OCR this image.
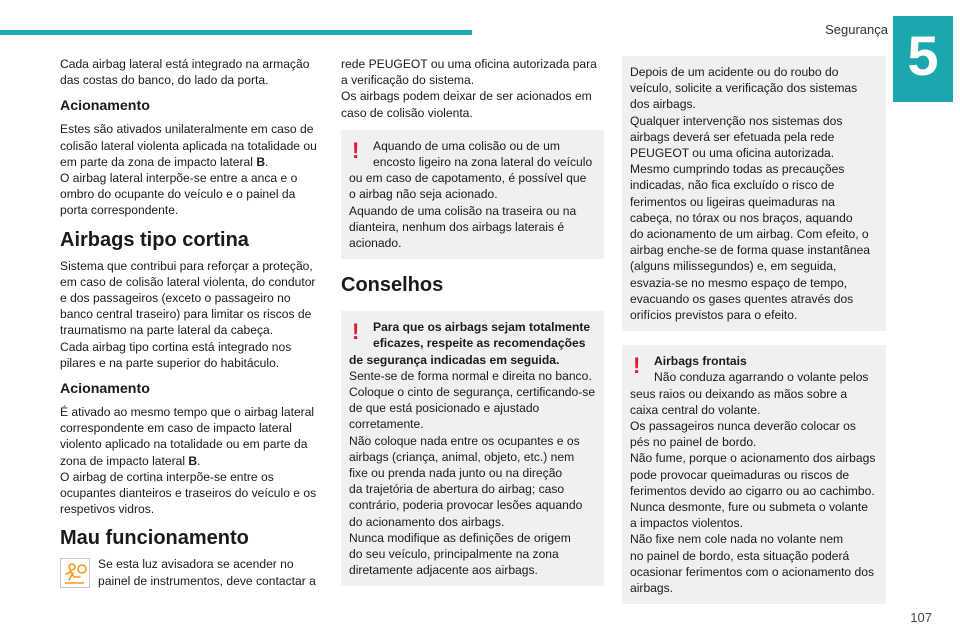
Segurança 5
107

Cada airbag lateral está integrado na armação

das costas do banco, do lado da porta.

Acionamento

Estes são ativados unilateralmente em caso de

colisão lateral violenta aplicada na totalidade ou

em parte da zona de impacto lateral B.

O airbag lateral interpõe-se entre a anca e o

ombro do ocupante do veículo e o painel da

porta correspondente.

Airbags tipo cortina

Sistema que contribui para reforçar a proteção,

em caso de colisão lateral violenta, do condutor

e dos passageiros (exceto o passageiro no

banco central traseiro) para limitar os riscos de

traumatismo na parte lateral da cabeça.

Cada airbag tipo cortina está integrado nos

pilares e na parte superior do habitáculo.

Acionamento

É ativado ao mesmo tempo que o airbag lateral

correspondente em caso de impacto lateral

violento aplicado na totalidade ou em parte da

zona de impacto lateral B.

O airbag de cortina interpõe-se entre os

ocupantes dianteiros e traseiros do veículo e os

respetivos vidros.

Mau funcionamento

Se esta luz avisadora se acender no

painel de instrumentos, deve contactar a

rede PEUGEOT ou uma oficina autorizada para

a verificação do sistema.

Os airbags podem deixar de ser acionados em

caso de colisão violenta.

!	Aquando de uma colisão ou de um

encosto ligeiro na zona lateral do veículo

ou em caso de capotamento, é possível que

o airbag não seja acionado.

Aquando de uma colisão na traseira ou na

dianteira, nenhum dos airbags laterais é

acionado.

Conselhos
!	Para que os airbags sejam totalmente

eficazes, respeite as recomendações

de segurança indicadas em seguida.

Sente-se de forma normal e direita no banco.

Coloque o cinto de segurança, certificando-se

de que está posicionado e ajustado

corretamente.

Não coloque nada entre os ocupantes e os

airbags (criança, animal, objeto, etc.) nem

fixe ou prenda nada junto ou na direção

da trajetória de abertura do airbag; caso

contrário, poderia provocar lesões aquando

do acionamento dos airbags.

Nunca modifique as definições de origem

do seu veículo, principalmente na zona

diretamente adjacente aos airbags.

Depois de um acidente ou do roubo do

veículo, solicite a verificação dos sistemas

dos airbags.

Qualquer intervenção nos sistemas dos

airbags deverá ser efetuada pela rede

PEUGEOT ou uma oficina autorizada.

Mesmo cumprindo todas as precauções

indicadas, não fica excluído o risco de

ferimentos ou ligeiras queimaduras na

cabeça, no tórax ou nos braços, aquando

do acionamento de um airbag. Com efeito, o

airbag enche-se de forma quase instantânea

(alguns milissegundos) e, em seguida,

esvazia-se no mesmo espaço de tempo,

evacuando os gases quentes através dos

orifícios previstos para o efeito.

!	Airbags frontais

Não conduza agarrando o volante pelos

seus raios ou deixando as mãos sobre a

caixa central do volante.

Os passageiros nunca deverão colocar os

pés no painel de bordo.

Não fume, porque o acionamento dos airbags

pode provocar queimaduras ou riscos de

ferimentos devido ao cigarro ou ao cachimbo.

Nunca desmonte, fure ou submeta o volante

a impactos violentos.

Não fixe nem cole nada no volante nem

no painel de bordo, esta situação poderá

ocasionar ferimentos com o acionamento dos

airbags.
